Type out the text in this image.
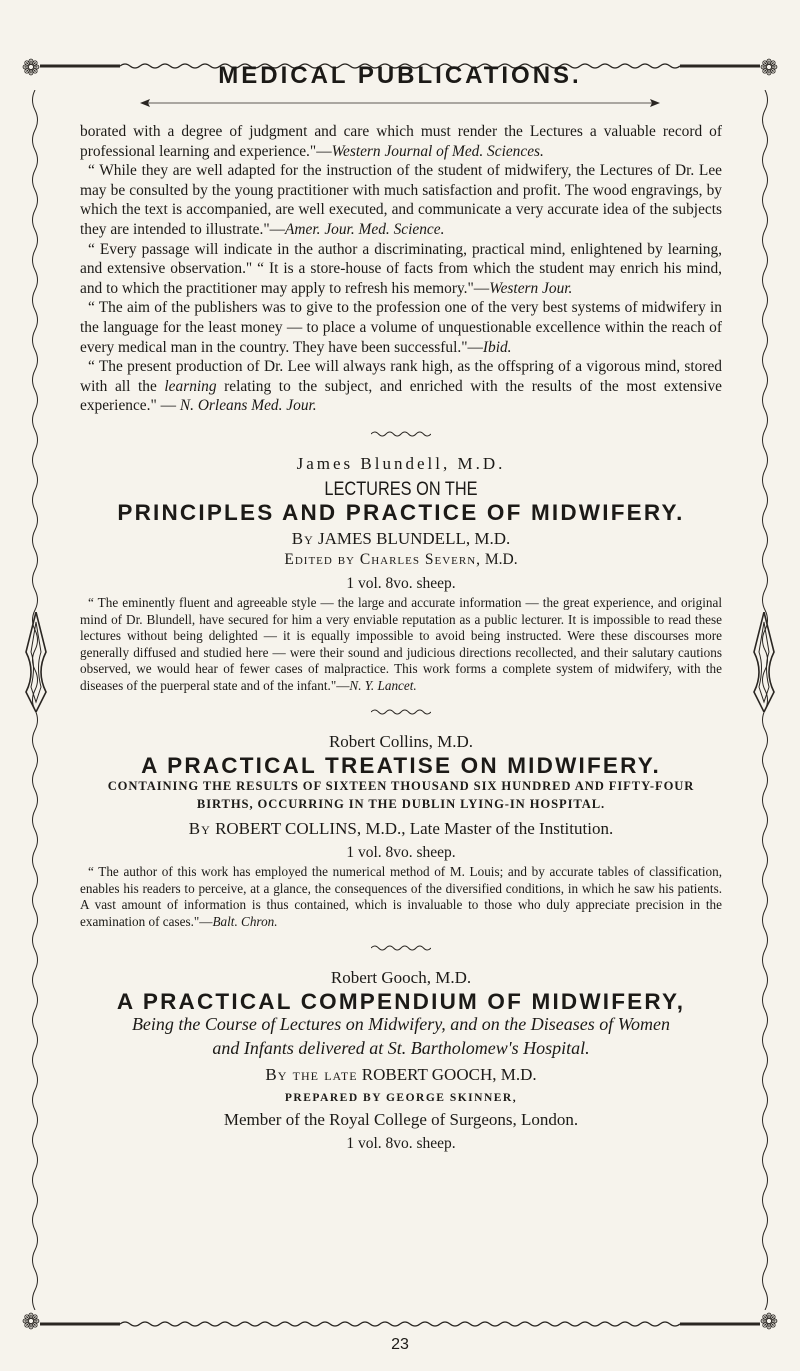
❁	❁
❁	❁
MEDICAL PUBLICATIONS.

borated with a degree of judgment and care which must render the Lectures a valuable record of professional learning and experience."—Western Journal of Med. Sciences.

“ While they are well adapted for the instruction of the student of midwifery, the Lectures of Dr. Lee may be consulted by the young practitioner with much satisfaction and profit. The wood engravings, by which the text is accompanied, are well executed, and communicate a very accurate idea of the subjects they are intended to illustrate."—Amer. Jour. Med. Science.

“ Every passage will indicate in the author a discriminating, practical mind, enlightened by learning, and extensive observation." “ It is a store-house of facts from which the student may enrich his mind, and to which the practitioner may apply to refresh his memory."—Western Jour.

“ The aim of the publishers was to give to the profession one of the very best systems of midwifery in the language for the least money — to place a volume of unquestionable excellence within the reach of every medical man in the country. They have been successful."—Ibid.

“ The present production of Dr. Lee will always rank high, as the offspring of a vigorous mind, stored with all the learning relating to the subject, and enriched with the results of the most extensive experience." — N. Orleans Med. Jour.

James Blundell, M.D.
LECTURES ON THE
PRINCIPLES AND PRACTICE OF MIDWIFERY.
By JAMES BLUNDELL, M.D.
Edited by Charles Severn, M.D.
1 vol. 8vo. sheep.

“ The eminently fluent and agreeable style — the large and accurate information — the great experience, and original mind of Dr. Blundell, have secured for him a very enviable reputation as a public lecturer. It is impossible to read these lectures without being delighted — it is equally impossible to avoid being instructed. Were these discourses more generally diffused and studied here — were their sound and judicious directions recollected, and their salutary cautions observed, we would hear of fewer cases of malpractice. This work forms a complete system of midwifery, with the diseases of the puerperal state and of the infant."—N. Y. Lancet.

Robert Collins, M.D.
A PRACTICAL TREATISE ON MIDWIFERY.
CONTAINING THE RESULTS OF SIXTEEN THOUSAND SIX HUNDRED AND FIFTY-FOUR BIRTHS, OCCURRING IN THE DUBLIN LYING-IN HOSPITAL.
By ROBERT COLLINS, M.D., Late Master of the Institution.
1 vol. 8vo. sheep.

“ The author of this work has employed the numerical method of M. Louis; and by accurate tables of classification, enables his readers to perceive, at a glance, the consequences of the diversified conditions, in which he saw his patients. A vast amount of information is thus contained, which is invaluable to those who duly appreciate precision in the examination of cases."—Balt. Chron.

Robert Gooch, M.D.
A PRACTICAL COMPENDIUM OF MIDWIFERY,
Being the Course of Lectures on Midwifery, and on the Diseases of Women
and Infants delivered at St. Bartholomew's Hospital.
By the late ROBERT GOOCH, M.D.
PREPARED BY GEORGE SKINNER,
Member of the Royal College of Surgeons, London.
1 vol. 8vo. sheep.
23
